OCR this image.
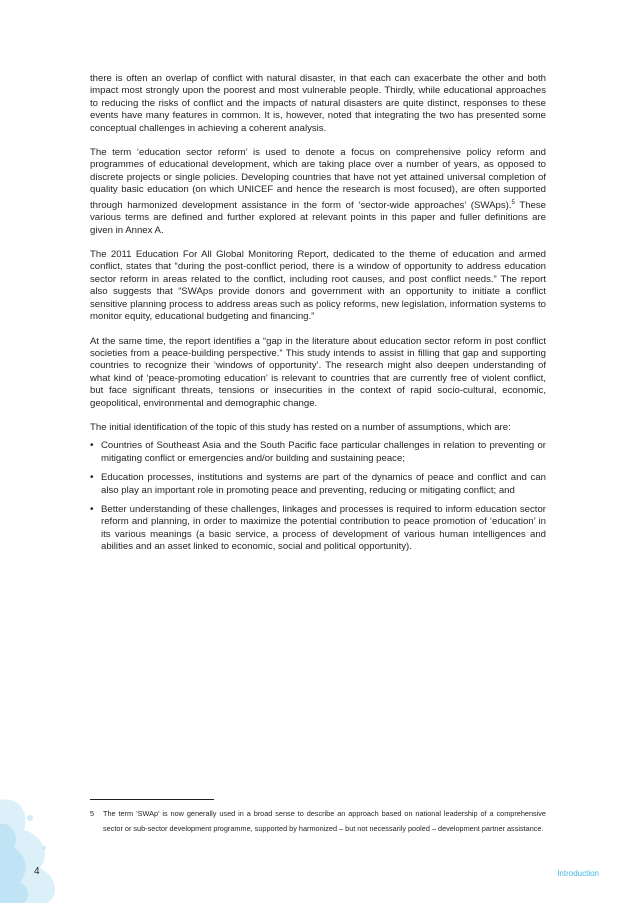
there is often an overlap of conflict with natural disaster, in that each can exacerbate the other and both impact most strongly upon the poorest and most vulnerable people. Thirdly, while educational approaches to reducing the risks of conflict and the impacts of natural disasters are quite distinct, responses to these events have many features in common. It is, however, noted that integrating the two has presented some conceptual challenges in achieving a coherent analysis.

The term ‘education sector reform’ is used to denote a focus on comprehensive policy reform and programmes of educational development, which are taking place over a number of years, as opposed to discrete projects or single policies. Developing countries that have not yet attained universal completion of quality basic education (on which UNICEF and hence the research is most focused), are often supported through harmonized development assistance in the form of ‘sector-wide approaches’ (SWAps).$^5$ These various terms are defined and further explored at relevant points in this paper and fuller definitions are given in Annex A.

The 2011 Education For All Global Monitoring Report, dedicated to the theme of education and armed conflict, states that “during the post-conflict period, there is a window of opportunity to address education sector reform in areas related to the conflict, including root causes, and post conflict needs.” The report also suggests that “SWAps provide donors and government with an opportunity to initiate a conflict sensitive planning process to address areas such as policy reforms, new legislation, information systems to monitor equity, educational budgeting and financing.”

At the same time, the report identifies a “gap in the literature about education sector reform in post conflict societies from a peace-building perspective.” This study intends to assist in filling that gap and supporting countries to recognize their ‘windows of opportunity’. The research might also deepen understanding of what kind of ‘peace-promoting education’ is relevant to countries that are currently free of violent conflict, but face significant threats, tensions or insecurities in the context of rapid socio-cultural, economic, geopolitical, environmental and demographic change.

The initial identification of the topic of this study has rested on a number of assumptions, which are:

• Countries of Southeast Asia and the South Pacific face particular challenges in relation to preventing or mitigating conflict or emergencies and/or building and sustaining peace;
• Education processes, institutions and systems are part of the dynamics of peace and conflict and can also play an important role in promoting peace and preventing, reducing or mitigating conflict; and
• Better understanding of these challenges, linkages and processes is required to inform education sector reform and planning, in order to maximize the potential contribution to peace promotion of ‘education’ in its various meanings (a basic service, a process of development of various human intelligences and abilities and an asset linked to economic, social and political opportunity).
5	The term ‘SWAp’ is now generally used in a broad sense to describe an approach based on national leadership of a comprehensive sector or sub-sector development programme, supported by harmonized – but not necessarily pooled – development partner assistance.
4	Introduction
